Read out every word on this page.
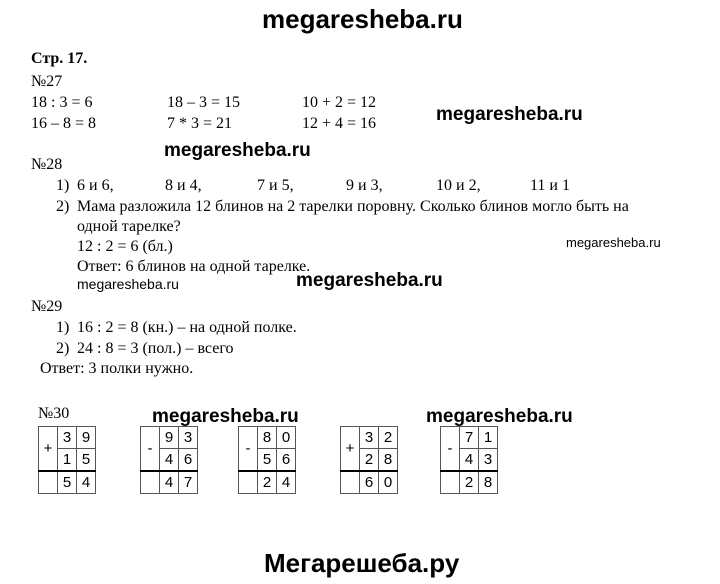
megaresheba.ru
megaresheba.ru
megaresheba.ru
megaresheba.ru
megaresheba.ru	megaresheba.ru
megaresheba.ru	megaresheba.ru
Мегарешеба.ру
Стр. 17.
№27
18 : 3 = 6	18 – 3 = 15	10 + 2 = 12
16 – 8 = 8	7 * 3 = 21	12 + 4 = 16
№28
1) 6 и 6,	8 и 4,	7 и 5,	9 и 3,	10 и 2,	11 и 1
2) Мама разложила 12 блинов на 2 тарелки поровну. Сколько блинов могло быть на
одной тарелке?
12 : 2 = 6 (бл.)
Ответ: 6 блинов на одной тарелке.
№29
1) 16 : 2 = 8 (кн.) – на одной полке.
2) 24 : 8 = 3 (пол.) – всего
Ответ: 3 полки нужно.
№30
+	3	9
	1	5
	5	4
-	9	3
	4	6
	4	7
-	8	0
	5	6
	2	4
+	3	2
	2	8
	6	0
-	7	1
	4	3
	2	8
